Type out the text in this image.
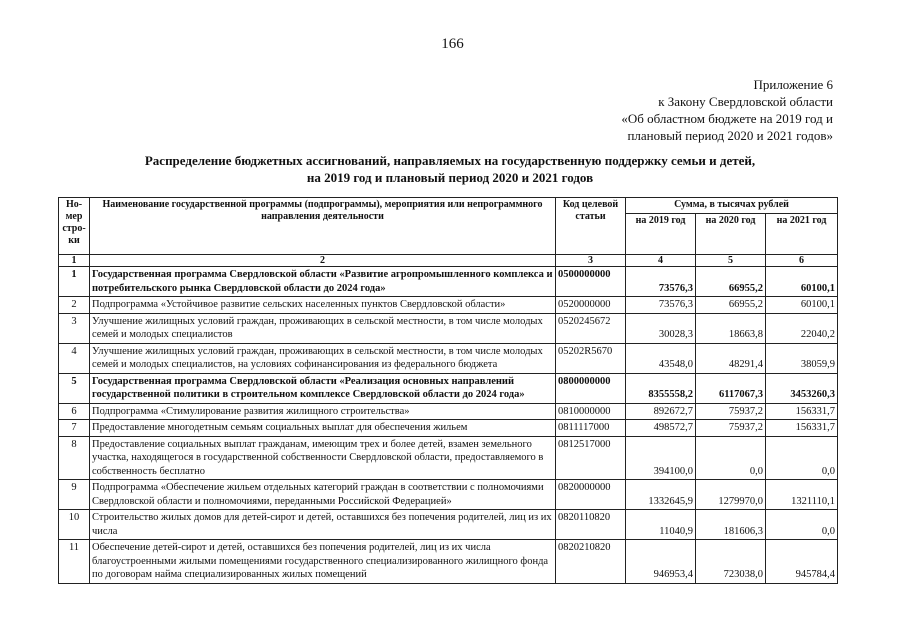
166
Приложение 6
к Закону Свердловской области
«Об областном бюджете на 2019 год и
плановый период 2020 и 2021 годов»
Распределение бюджетных ассигнований, направляемых на государственную поддержку семьи и детей,
на 2019 год и плановый период 2020 и 2021 годов
Но-мер стро-ки	Наименование государственной программы (подпрограммы), мероприятия или непрограммного направления деятельности	Код целевой статьи	Сумма, в тысячах рублей		
			на 2019 год	на 2020 год	на 2021 год
1	2	3	4	5	6
1	Государственная программа Свердловской области «Развитие агропромышленного комплекса и потребительского рынка Свердловской области до 2024 года»	0500000000	73576,3	66955,2	60100,1
2	Подпрограмма «Устойчивое развитие сельских населенных пунктов Свердловской области»	0520000000	73576,3	66955,2	60100,1
3	Улучшение жилищных условий граждан, проживающих в сельской местности, в том числе молодых семей и молодых специалистов	0520245672	30028,3	18663,8	22040,2
4	Улучшение жилищных условий граждан, проживающих в сельской местности, в том числе молодых семей и молодых специалистов, на условиях софинансирования из федерального бюджета	05202R5670	43548,0	48291,4	38059,9
5	Государственная программа Свердловской области «Реализация основных направлений государственной политики в строительном комплексе Свердловской области до 2024 года»	0800000000	8355558,2	6117067,3	3453260,3
6	Подпрограмма «Стимулирование развития жилищного строительства»	0810000000	892672,7	75937,2	156331,7
7	Предоставление многодетным семьям социальных выплат для обеспечения жильем	0811117000	498572,7	75937,2	156331,7
8	Предоставление социальных выплат гражданам, имеющим трех и более детей, взамен земельного участка, находящегося в государственной собственности Свердловской области, предоставляемого в собственность бесплатно	0812517000	394100,0	0,0	0,0
9	Подпрограмма «Обеспечение жильем отдельных категорий граждан в соответствии с полномочиями Свердловской области и полномочиями, переданными Российской Федерацией»	0820000000	1332645,9	1279970,0	1321110,1
10	Строительство жилых домов для детей-сирот и детей, оставшихся без попечения родителей, лиц из их числа	0820110820	11040,9	181606,3	0,0
11	Обеспечение детей-сирот и детей, оставшихся без попечения родителей, лиц из их числа благоустроенными жилыми помещениями государственного специализированного жилищного фонда по договорам найма специализированных жилых помещений	0820210820	946953,4	723038,0	945784,4
